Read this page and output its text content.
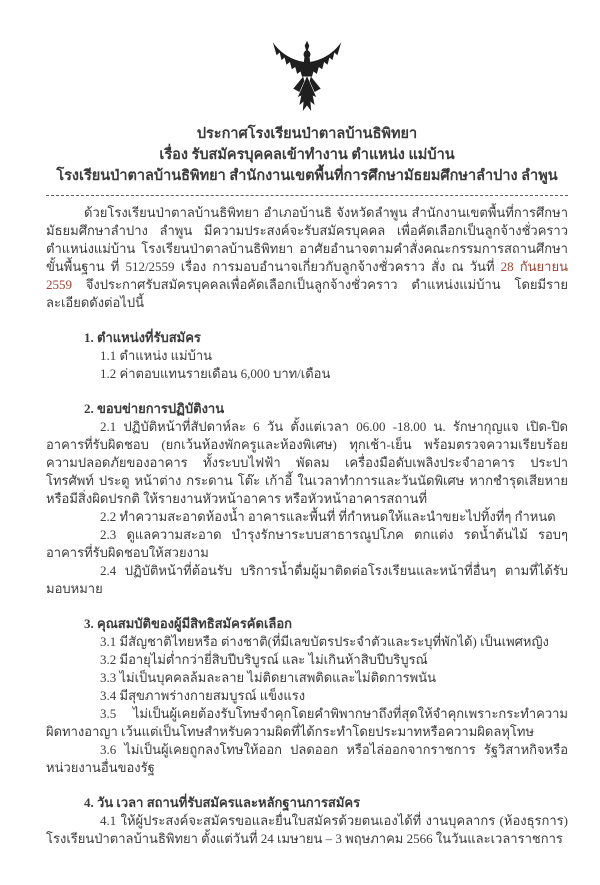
ประกาศโรงเรียนป่าตาลบ้านธิพิทยา
เรื่อง รับสมัครบุคคลเข้าทำงาน ตำแหน่ง แม่บ้าน
โรงเรียนป่าตาลบ้านธิพิทยา สำนักงานเขตพื้นที่การศึกษามัธยมศึกษาลำปาง ลำพูน

ด้วยโรงเรียนป่าตาลบ้านธิพิทยา อำเภอบ้านธิ จังหวัดลำพูน สำนักงานเขตพื้นที่การศึกษามัธยมศึกษาลำปาง ลำพูน มีความประสงค์จะรับสมัครบุคคล เพื่อคัดเลือกเป็นลูกจ้างชั่วคราวตำแหน่งแม่บ้าน โรงเรียนป่าตาลบ้านธิพิทยา อาศัยอำนาจตามคำสั่งคณะกรรมการสถานศึกษาขั้นพื้นฐาน ที่ 512/2559 เรื่อง การมอบอำนาจเกี่ยวกับลูกจ้างชั่วคราว สั่ง ณ วันที่ 28 กันยายน 2559 จึงประกาศรับสมัครบุคคลเพื่อคัดเลือกเป็นลูกจ้างชั่วคราว ตำแหน่งแม่บ้าน โดยมีรายละเอียดดังต่อไปนี้

1. ตำแหน่งที่รับสมัคร

1.1 ตำแหน่ง แม่บ้าน

1.2 ค่าตอบแทนรายเดือน 6,000 บาท/เดือน

2. ขอบข่ายการปฏิบัติงาน

2.1 ปฏิบัติหน้าที่สัปดาห์ละ 6 วัน ตั้งแต่เวลา 06.00 -18.00 น. รักษากุญแจ เปิด-ปิด อาคารที่รับผิดชอบ (ยกเว้นห้องพักครูและห้องพิเศษ) ทุกเช้า-เย็น พร้อมตรวจความเรียบร้อย ความปลอดภัยของอาคาร ทั้งระบบไฟฟ้า พัดลม เครื่องมือดับเพลิงประจำอาคาร ประปา โทรศัพท์ ประตู หน้าต่าง กระดาน โต๊ะ เก้าอี้ ในเวลาทำการและวันนัดพิเศษ หากชำรุดเสียหาย หรือมีสิ่งผิดปรกติ ให้รายงานหัวหน้าอาคาร หรือหัวหน้าอาคารสถานที่

2.2 ทำความสะอาดห้องน้ำ อาคารและพื้นที่ ที่กำหนดให้และนำขยะไปทิ้งที่ๆ กำหนด

2.3 ดูแลความสะอาด บำรุงรักษาระบบสาธารณูปโภค ตกแต่ง รดน้ำต้นไม้ รอบๆ อาคารที่รับผิดชอบให้สวยงาม

2.4 ปฏิบัติหน้าที่ต้อนรับ บริการน้ำดื่มผู้มาติดต่อโรงเรียนและหน้าที่อื่นๆ ตามที่ได้รับมอบหมาย

3. คุณสมบัติของผู้มีสิทธิสมัครคัดเลือก

3.1 มีสัญชาติไทยหรือ ต่างชาติ(ที่มีเลขบัตรประจำตัวและระบุที่พักได้) เป็นเพศหญิง

3.2 มีอายุไม่ต่ำกว่ายี่สิบปีบริบูรณ์ และ ไม่เกินห้าสิบปีบริบูรณ์

3.3 ไม่เป็นบุคคลล้มละลาย ไม่ติดยาเสพติดและไม่ติดการพนัน

3.4 มีสุขภาพร่างกายสมบูรณ์ แข็งแรง

3.5 ไม่เป็นผู้เคยต้องรับโทษจำคุกโดยคำพิพากษาถึงที่สุดให้จำคุกเพราะกระทำความผิดทางอาญา เว้นแต่เป็นโทษสำหรับความผิดที่ได้กระทำโดยประมาทหรือความผิดลหุโทษ

3.6 ไม่เป็นผู้เคยถูกลงโทษให้ออก ปลดออก หรือไล่ออกจากราชการ รัฐวิสาหกิจหรือหน่วยงานอื่นของรัฐ

4. วัน เวลา สถานที่รับสมัครและหลักฐานการสมัคร

4.1 ให้ผู้ประสงค์จะสมัครขอและยื่นใบสมัครด้วยตนเองได้ที่ งานบุคลากร (ห้องธุรการ) โรงเรียนป่าตาลบ้านธิพิทยา ตั้งแต่วันที่ 24 เมษายน – 3 พฤษภาคม 2566 ในวันและเวลาราชการ
